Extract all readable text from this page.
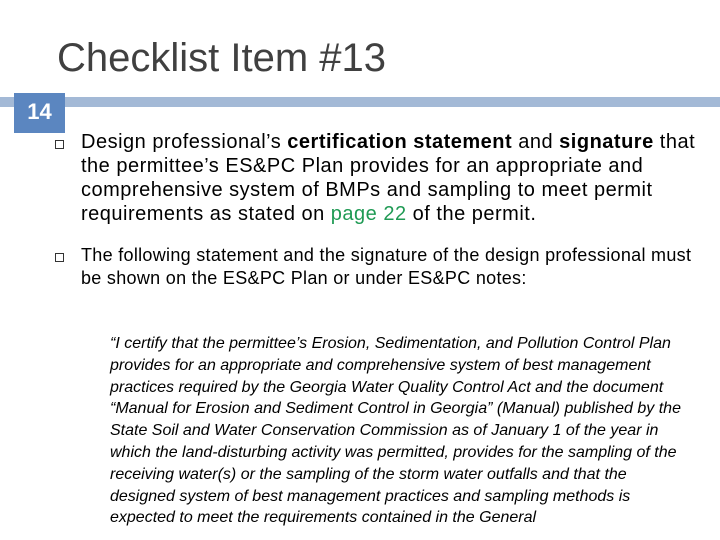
Checklist Item #13
14
Design professional’s certification statement and signature that the permittee’s ES&PC Plan provides for an appropriate and comprehensive system of BMPs and sampling to meet permit requirements as stated on page 22 of the permit.
The following statement and the signature of the design professional must be shown on the ES&PC Plan or under ES&PC notes:

“I certify that the permittee’s Erosion, Sedimentation, and Pollution Control Plan provides for an appropriate and comprehensive system of best management practices required by the Georgia Water Quality Control Act and the document “Manual for Erosion and Sediment Control in Georgia” (Manual) published by the State Soil and Water Conservation Commission as of January 1 of the year in which the land-disturbing activity was permitted, provides for the sampling of the receiving water(s) or the sampling of the storm water outfalls and that the designed system of best management practices and sampling methods is expected to meet the requirements contained in the General
